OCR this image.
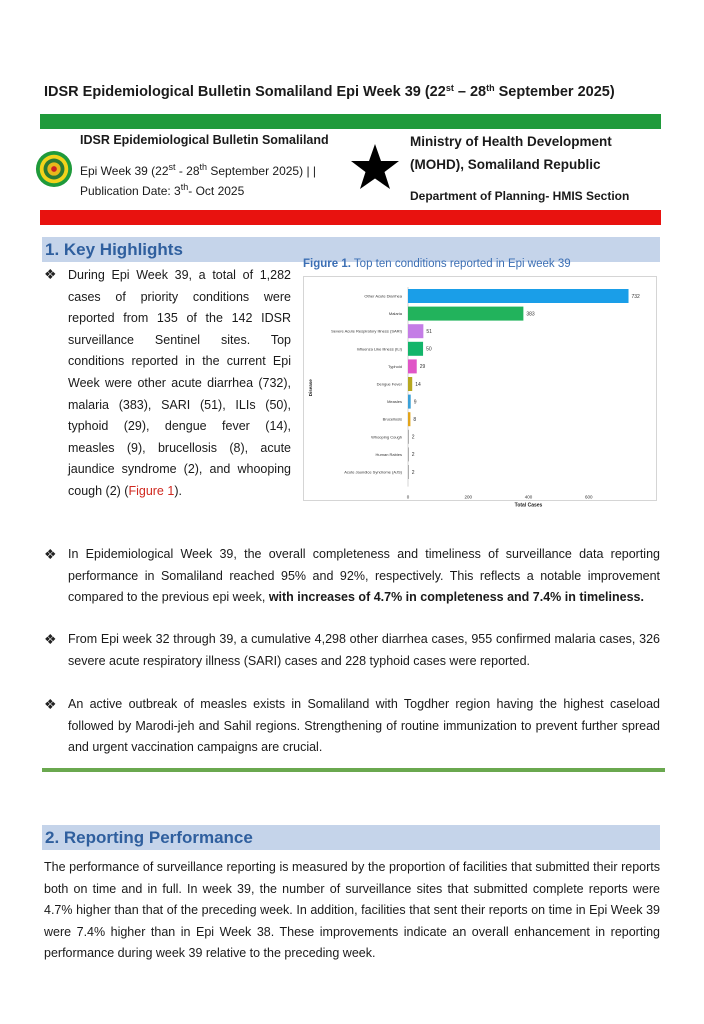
IDSR Epidemiological Bulletin Somaliland Epi Week 39 (22st – 28th September 2025)
IDSR Epidemiological Bulletin Somaliland
Epi Week 39 (22st - 28th September 2025) | |
Publication Date: 3th- Oct 2025
Ministry of Health Development
(MOHD), Somaliland Republic
Department of Planning- HMIS Section
1. Key Highlights
❖ During Epi Week 39, a total of 1,282 cases of priority conditions were reported from 135 of the 142 IDSR surveillance Sentinel sites. Top conditions reported in the current Epi Week were other acute diarrhea (732), malaria (383), SARI (51), ILIs (50), typhoid (29), dengue fever (14), measles (9), brucellosis (8), acute jaundice syndrome (2), and whooping cough (2) (Figure 1).
Figure 1. Top ten conditions reported in Epi week 39
0	200	400	600
Total Cases
Disease
Other Acute Diarrhea	732
Malaria	383
Severe Acute Respiratory Illness (SARI)	51
Influenza Like Illness (ILI)	50
Typhoid	29
Dengue Fever	14
Measles 9
Brucellosis 8
Whooping Cough 2
Human Rabies 2
Acute Jaundice Syndrome (AJS) 2
❖ In Epidemiological Week 39, the overall completeness and timeliness of surveillance data reporting performance in Somaliland reached 95% and 92%, respectively. This reflects a notable improvement compared to the previous epi week, with increases of 4.7% in completeness and 7.4% in timeliness.
❖ From Epi week 32 through 39, a cumulative 4,298 other diarrhea cases, 955 confirmed malaria cases, 326 severe acute respiratory illness (SARI) cases and 228 typhoid cases were reported.
❖ An active outbreak of measles exists in Somaliland with Togdher region having the highest caseload followed by Marodi-jeh and Sahil regions. Strengthening of routine immunization to prevent further spread and urgent vaccination campaigns are crucial.
2. Reporting Performance
The performance of surveillance reporting is measured by the proportion of facilities that submitted their reports both on time and in full. In week 39, the number of surveillance sites that submitted complete reports were 4.7% higher than that of the preceding week. In addition, facilities that sent their reports on time in Epi Week 39 were 7.4% higher than in Epi Week 38. These improvements indicate an overall enhancement in reporting performance during week 39 relative to the preceding week.
